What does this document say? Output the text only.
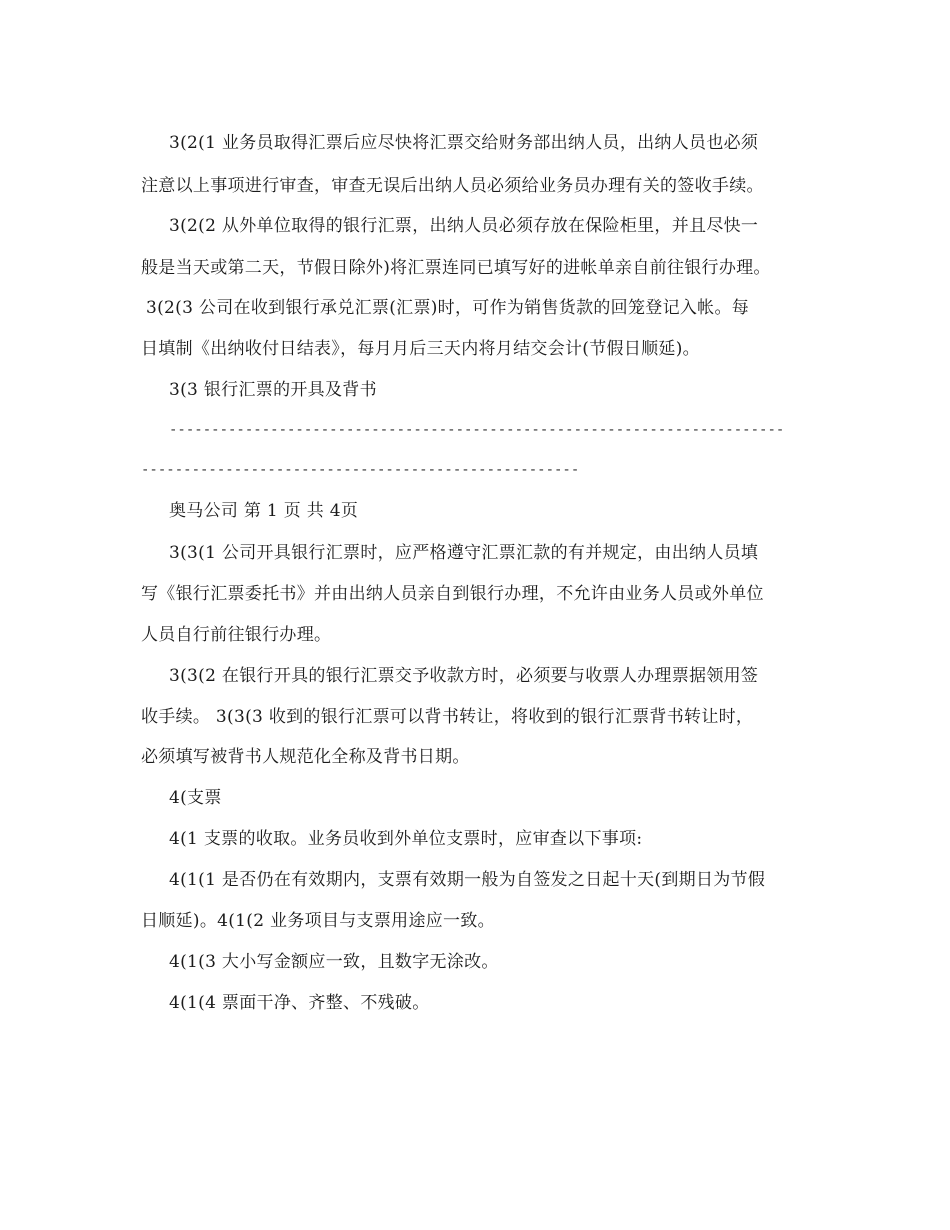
3(2(1 业务员取得汇票后应尽快将汇票交给财务部出纳人员，出纳人员也必须
注意以上事项进行审查，审查无误后出纳人员必须给业务员办理有关的签收手续。
3(2(2 从外单位取得的银行汇票，出纳人员必须存放在保险柜里，并且尽快一
般是当天或第二天，节假日除外)将汇票连同已填写好的进帐单亲自前往银行办理。
3(2(3 公司在收到银行承兑汇票(汇票)时，可作为销售货款的回笼登记入帐。每
日填制《出纳收付日结表》，每月月后三天内将月结交会计(节假日顺延)。
3(3 银行汇票的开具及背书
-------------------------------------------------------------------------
----------------------------------------------------
奥马公司 第 1 页 共 4页
3(3(1 公司开具银行汇票时，应严格遵守汇票汇款的有并规定，由出纳人员填
写《银行汇票委托书》并由出纳人员亲自到银行办理，不允许由业务人员或外单位
人员自行前往银行办理。
3(3(2 在银行开具的银行汇票交予收款方时，必须要与收票人办理票据领用签
收手续。 3(3(3 收到的银行汇票可以背书转让，将收到的银行汇票背书转让时，
必须填写被背书人规范化全称及背书日期。
4(支票
4(1 支票的收取。业务员收到外单位支票时，应审查以下事项:
4(1(1 是否仍在有效期内，支票有效期一般为自签发之日起十天(到期日为节假
日顺延)。4(1(2 业务项目与支票用途应一致。
4(1(3 大小写金额应一致，且数字无涂改。
4(1(4 票面干净、齐整、不残破。
